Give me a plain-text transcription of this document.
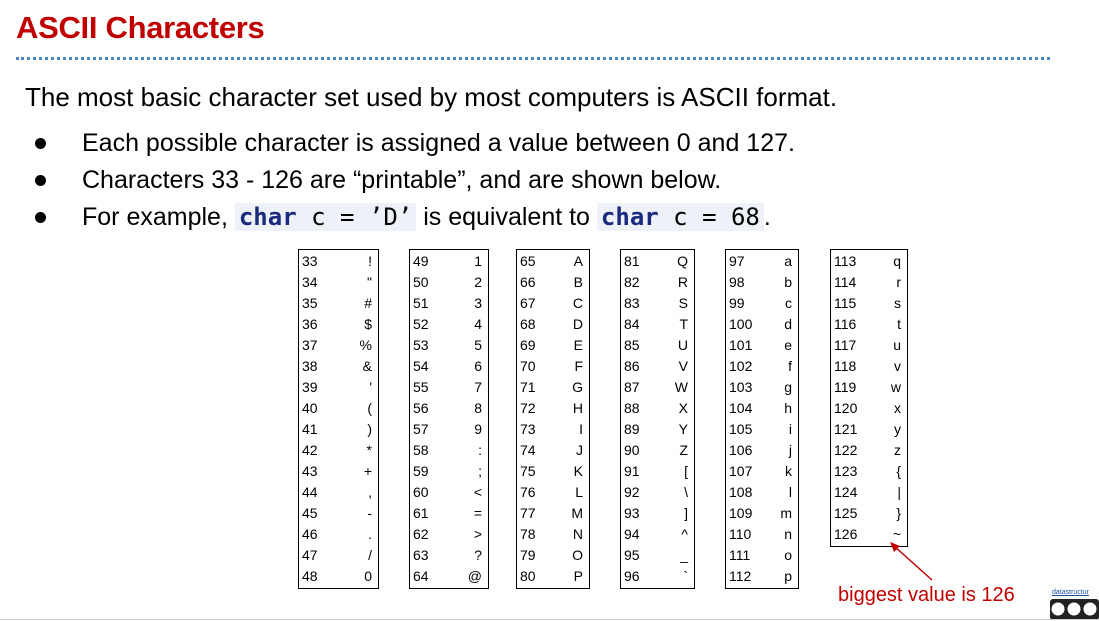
ASCII Characters

The most basic character set used by most computers is ASCII format.

Each possible character is assigned a value between 0 and 127.
Characters 33 - 126 are “printable”, and are shown below.
For example, char c = ’D’ is equivalent to char c = 68 .
33	!
34	"
35	#
36	$
37	%
38	&
39	'
40	(
41	)
42	*
43	+
44	,
45	-
46	.
47	/
48	0
49	1
50	2
51	3
52	4
53	5
54	6
55	7
56	8
57	9
58	:
59	;
60	<
61	=
62	>
63	?
64	@
65	A
66	B
67	C
68	D
69	E
70	F
71	G
72	H
73	I
74	J
75	K
76	L
77	M
78	N
79	O
80	P
81	Q
82	R
83	S
84	T
85	U
86	V
87	W
88	X
89	Y
90	Z
91	[
92	\
93	]
94	^
95	_
96	`
97	a
98	b
99	c
100 d
101 e
102	f
103 g
104 h
105	i
106	j
107 k
108	l
109 m
110 n
111 o
112 p
113	q
114	r
115	s
116	t
117	u
118	v
119 w
120	x
121	y
122	z
123	{
124	|
125	}
126	~

biggest value is 126	datastructur
